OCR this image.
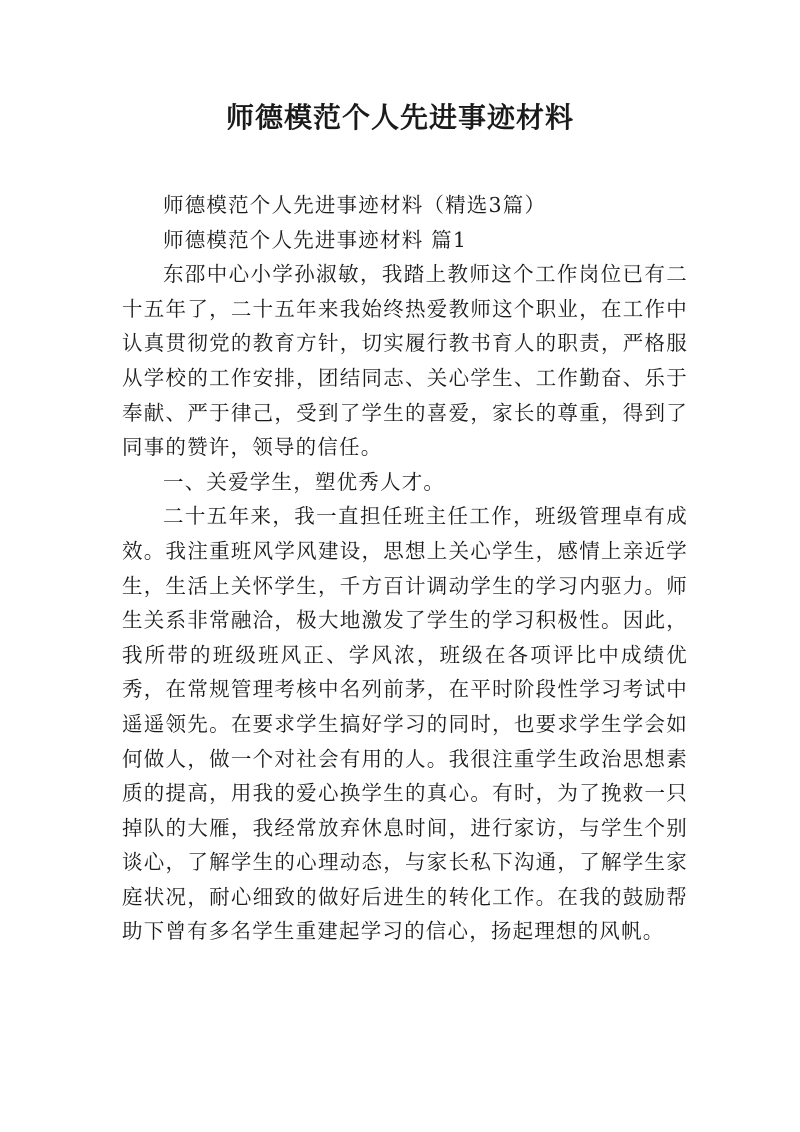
师德模范个人先进事迹材料

师德模范个人先进事迹材料（精选3篇）

师德模范个人先进事迹材料 篇1

东邵中心小学孙淑敏，我踏上教师这个工作岗位已有二十五年了，二十五年来我始终热爱教师这个职业，在工作中认真贯彻党的教育方针，切实履行教书育人的职责，严格服从学校的工作安排，团结同志、关心学生、工作勤奋、乐于奉献、严于律己，受到了学生的喜爱，家长的尊重，得到了同事的赞许，领导的信任。

一、关爱学生，塑优秀人才。

二十五年来，我一直担任班主任工作，班级管理卓有成效。我注重班风学风建设，思想上关心学生，感情上亲近学生，生活上关怀学生，千方百计调动学生的学习内驱力。师生关系非常融洽，极大地激发了学生的学习积极性。因此，我所带的班级班风正、学风浓，班级在各项评比中成绩优秀，在常规管理考核中名列前茅，在平时阶段性学习考试中遥遥领先。在要求学生搞好学习的同时，也要求学生学会如何做人，做一个对社会有用的人。我很注重学生政治思想素质的提高，用我的爱心换学生的真心。有时，为了挽救一只掉队的大雁，我经常放弃休息时间，进行家访，与学生个别谈心，了解学生的心理动态，与家长私下沟通，了解学生家庭状况，耐心细致的做好后进生的转化工作。在我的鼓励帮助下曾有多名学生重建起学习的信心，扬起理想的风帆。
